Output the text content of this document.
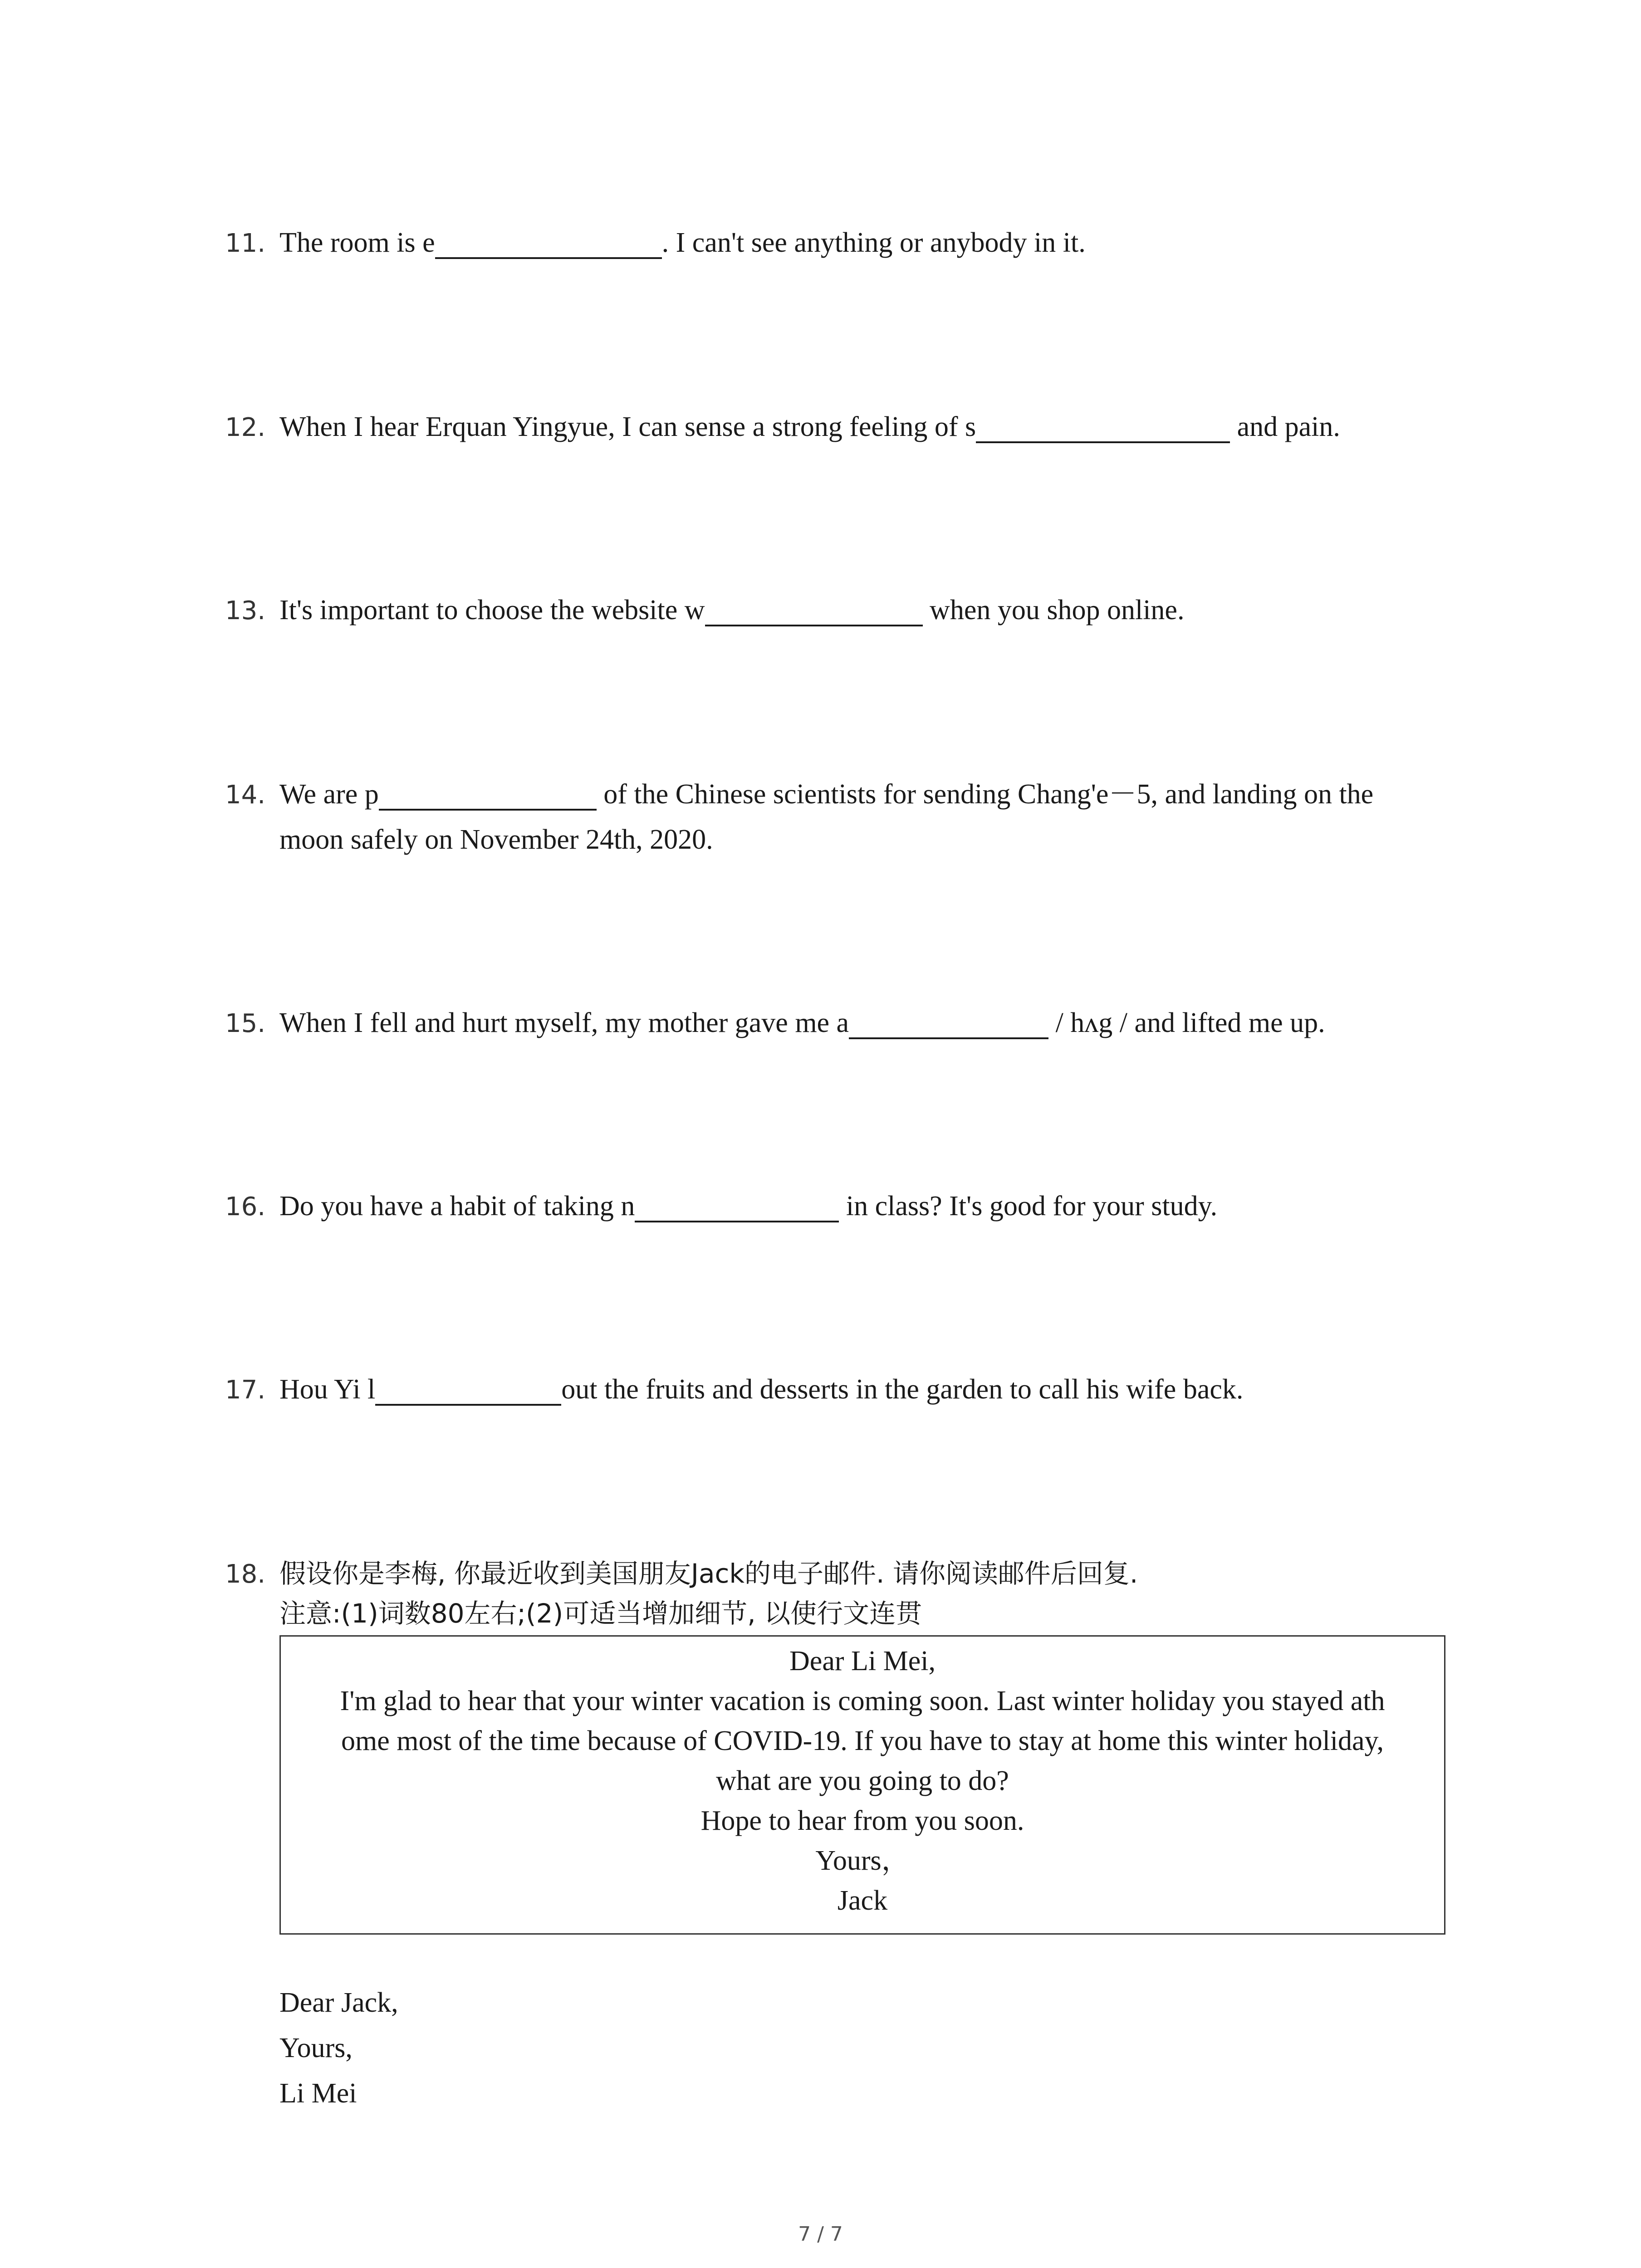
11. The room is e	. I can't see anything or anybody in it.
12. When I hear Erquan Yingyue, I can sense a strong feeling of s	and pain.
13. It's important to choose the website w	when you shop online.
14. We are p	of the Chinese scientists for sending Chang'e－5, and landing on the
moon safely on November 24th, 2020.
15. When I fell and hurt myself, my mother gave me a	/ hʌg / and lifted me up.
16. Do you have a habit of taking n	in class? It's good for your study.
17. Hou Yi l	out the fruits and desserts in the garden to call his wife back.
18. 假设你是李梅, 你最近收到美国朋友Jack的电子邮件. 请你阅读邮件后回复.
注意:(1)词数80左右;(2)可适当增加细节, 以使行文连贯
Dear Li Mei,
I'm glad to hear that your winter vacation is coming soon. Last winter holiday you stayed ath
ome most of the time because of COVID-19. If you have to stay at home this winter holiday,
what are you going to do?
Hope to hear from you soon.
Yours，
Jack
Dear Jack,
Yours,
Li Mei
7 / 7
